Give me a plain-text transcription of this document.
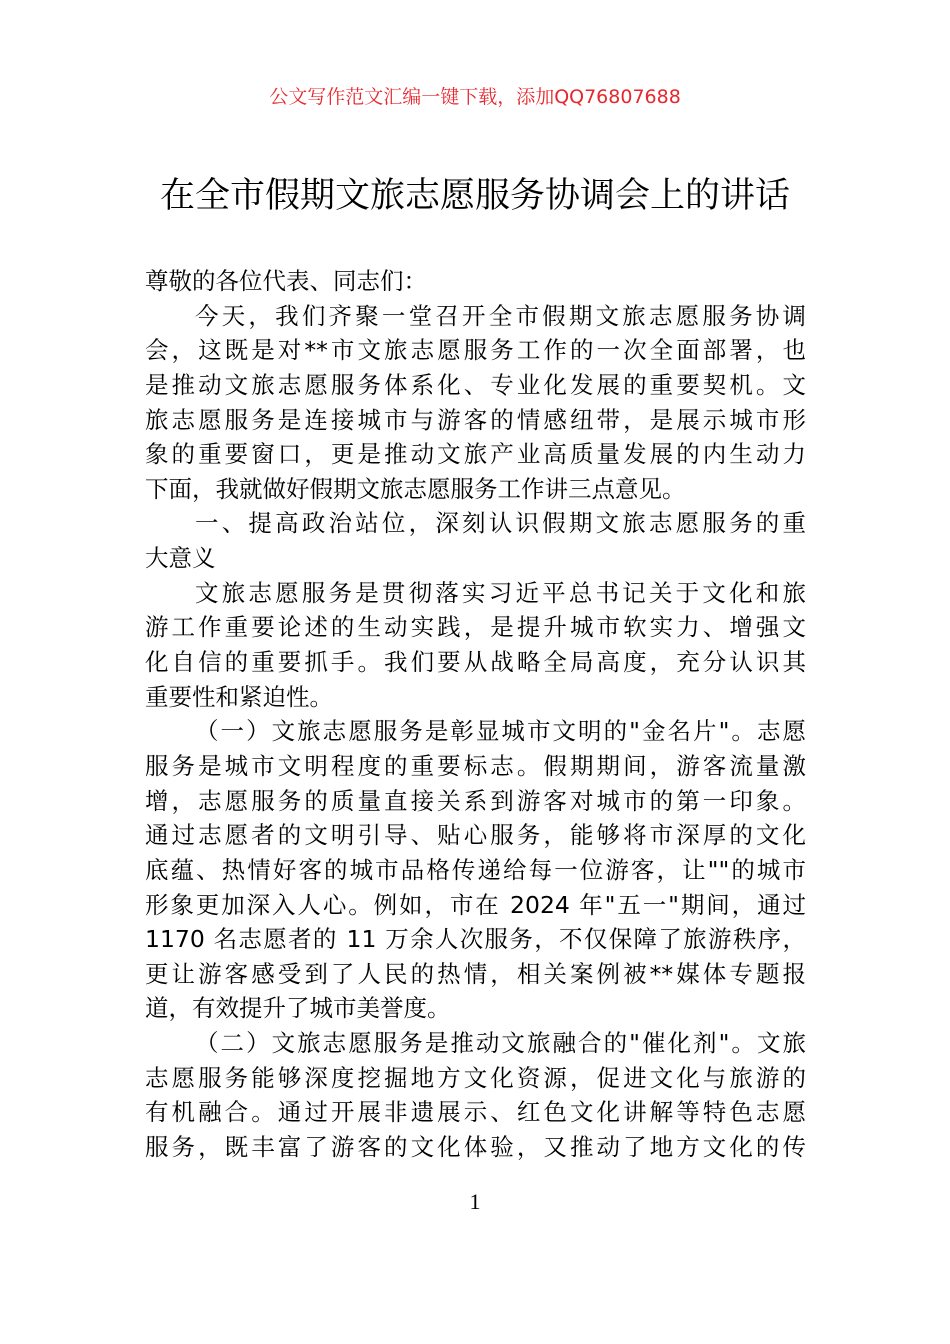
公文写作范文汇编一键下载，添加QQ76807688
在全市假期文旅志愿服务协调会上的讲话
尊敬的各位代表、同志们：
今天，我们齐聚一堂召开全市假期文旅志愿服务协调
会，这既是对**市文旅志愿服务工作的一次全面部署，也
是推动文旅志愿服务体系化、专业化发展的重要契机。文
旅志愿服务是连接城市与游客的情感纽带，是展示城市形
象的重要窗口，更是推动文旅产业高质量发展的内生动力
下面，我就做好假期文旅志愿服务工作讲三点意见。
一、提高政治站位，深刻认识假期文旅志愿服务的重
大意义
文旅志愿服务是贯彻落实习近平总书记关于文化和旅
游工作重要论述的生动实践，是提升城市软实力、增强文
化自信的重要抓手。我们要从战略全局高度，充分认识其
重要性和紧迫性。
（一）文旅志愿服务是彰显城市文明的"金名片"。志愿
服务是城市文明程度的重要标志。假期期间，游客流量激
增，志愿服务的质量直接关系到游客对城市的第一印象。
通过志愿者的文明引导、贴心服务，能够将市深厚的文化
底蕴、热情好客的城市品格传递给每一位游客，让""的城市
形象更加深入人心。例如，市在 2024 年"五一"期间，通过
1170 名志愿者的 11 万余人次服务，不仅保障了旅游秩序，
更让游客感受到了人民的热情，相关案例被**媒体专题报
道，有效提升了城市美誉度。
（二）文旅志愿服务是推动文旅融合的"催化剂"。文旅
志愿服务能够深度挖掘地方文化资源，促进文化与旅游的
有机融合。通过开展非遗展示、红色文化讲解等特色志愿
服务，既丰富了游客的文化体验，又推动了地方文化的传
1
